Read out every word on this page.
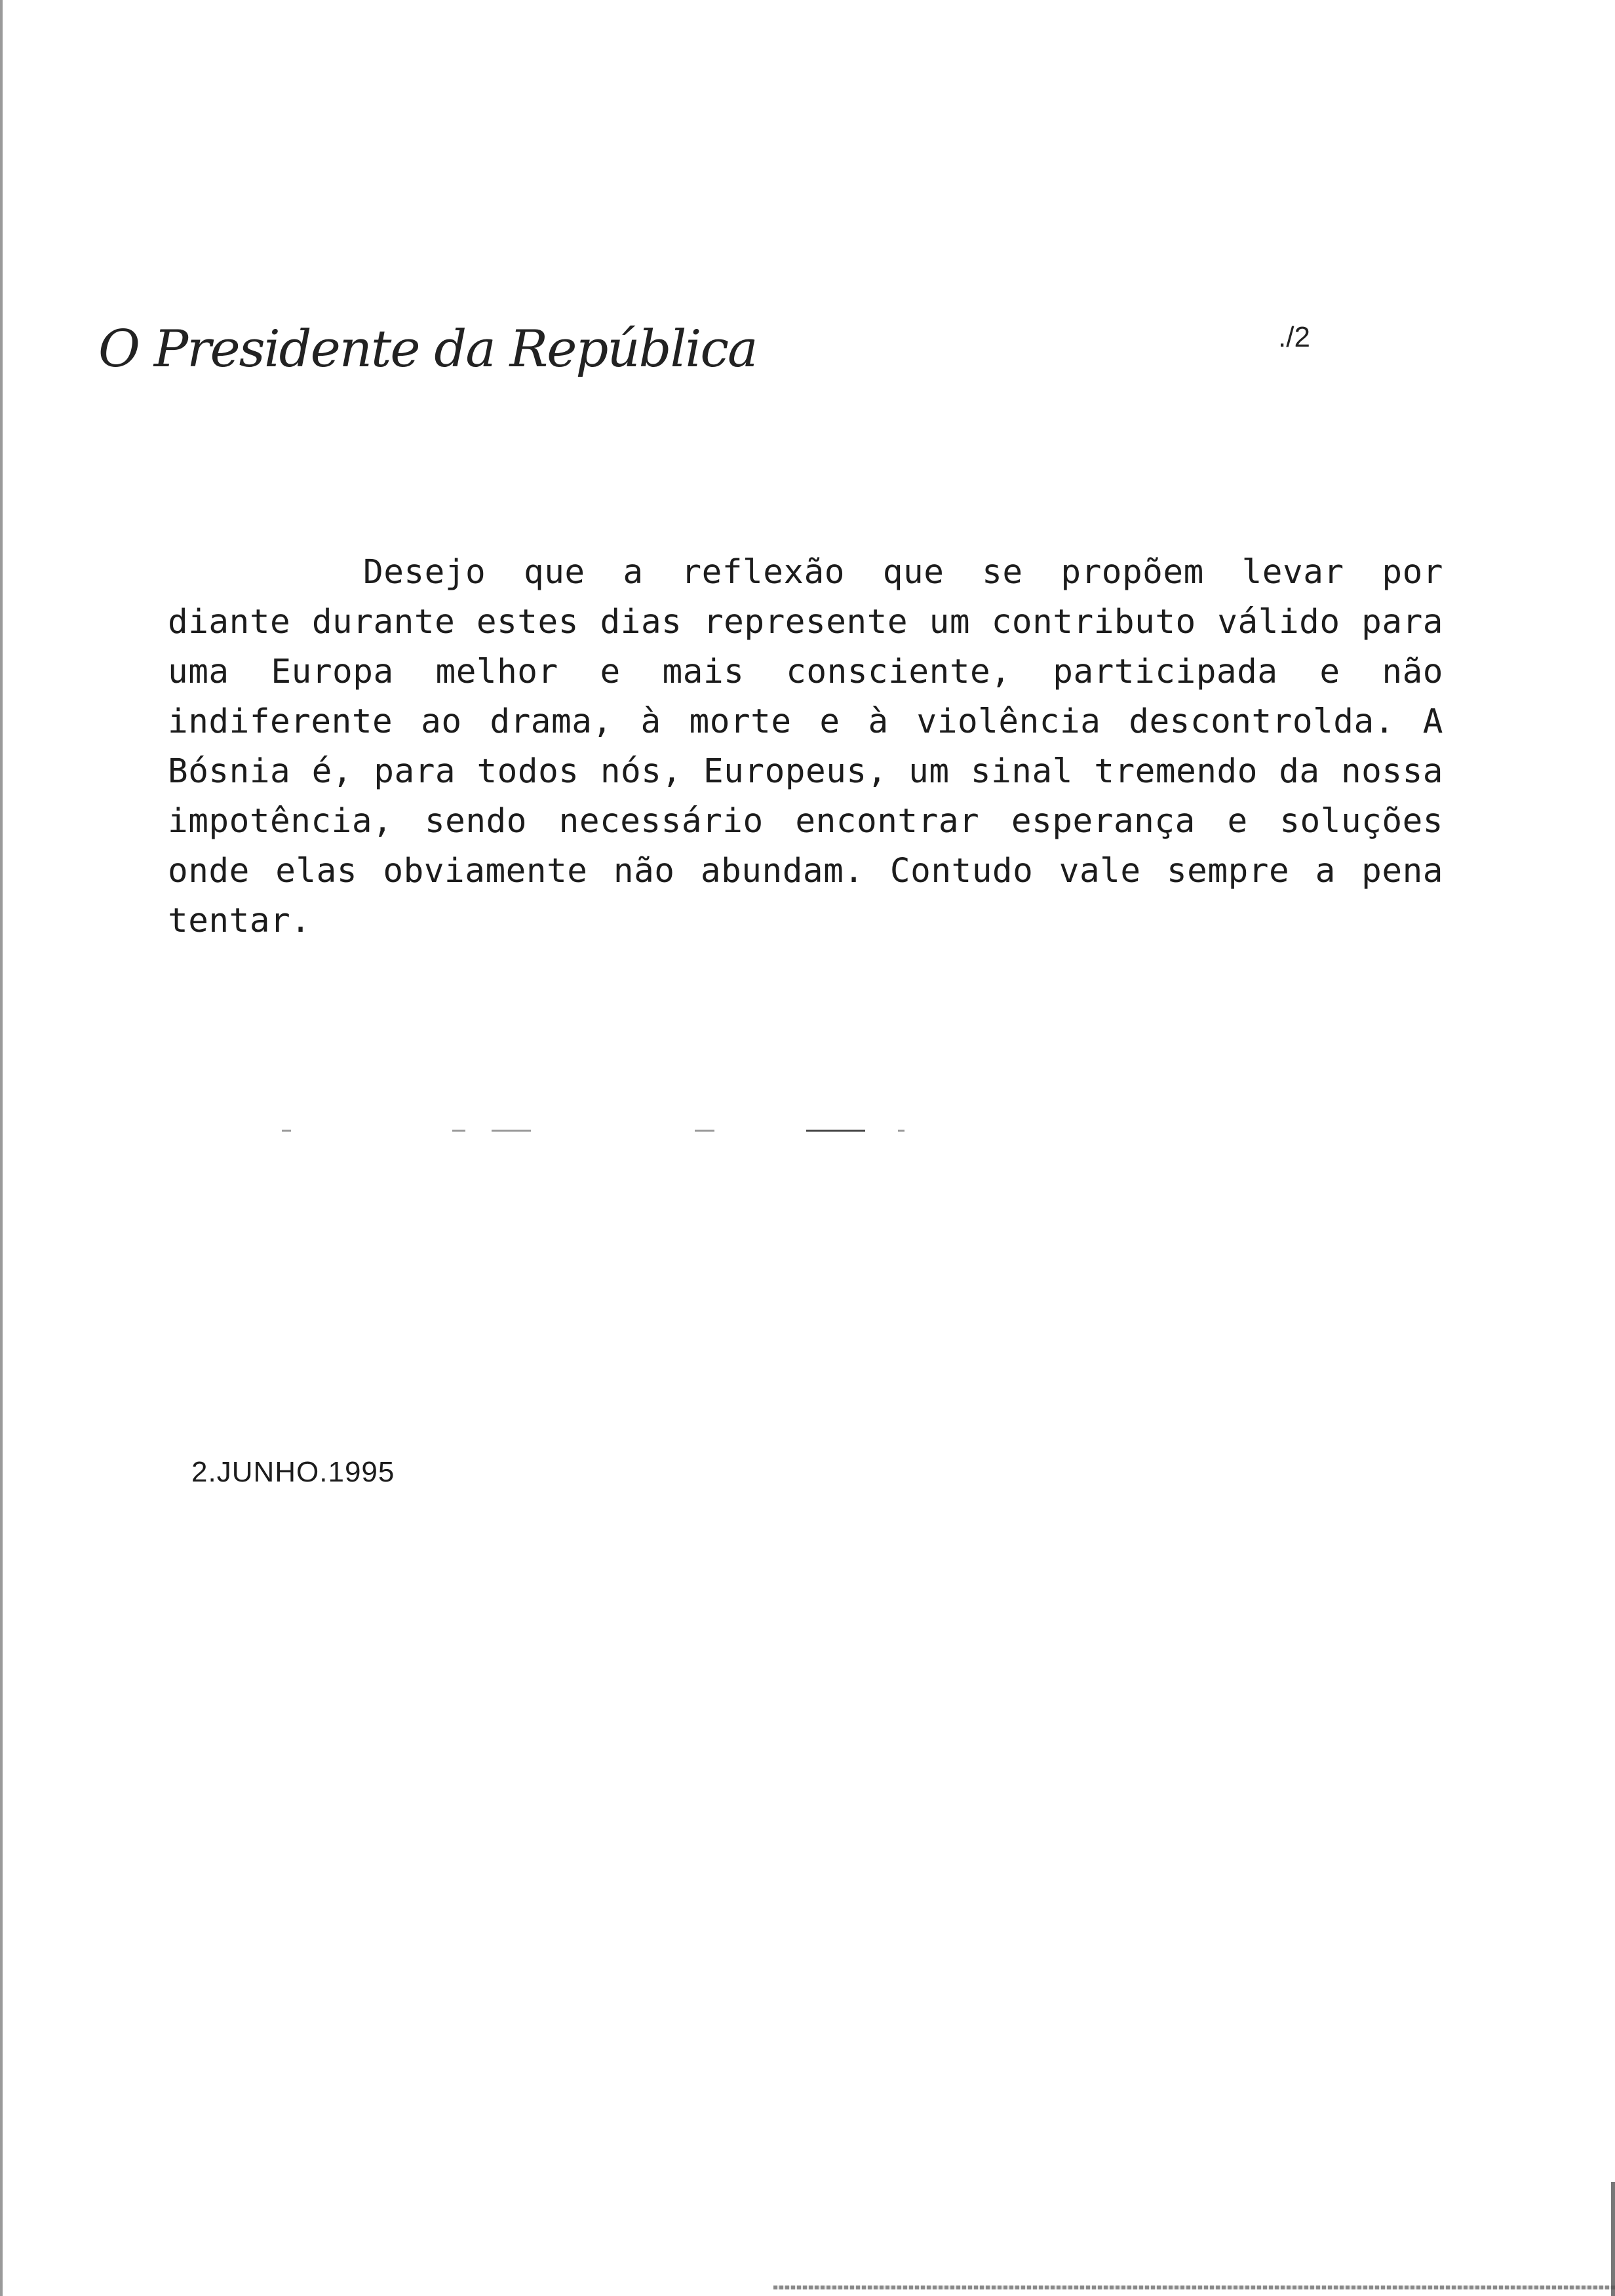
O Presidente da República	./2
Desejo que a reflexão que se propõem levar por diante durante estes dias represente um contributo válido para uma Europa melhor e mais consciente, participada e não indiferente ao drama, à morte e à violência descontrolda. A Bósnia é, para todos nós, Europeus, um sinal tremendo da nossa impotência, sendo necessário encontrar esperança e soluções onde elas obviamente não abundam. Contudo vale sempre a pena tentar.
2.JUNHO.1995
